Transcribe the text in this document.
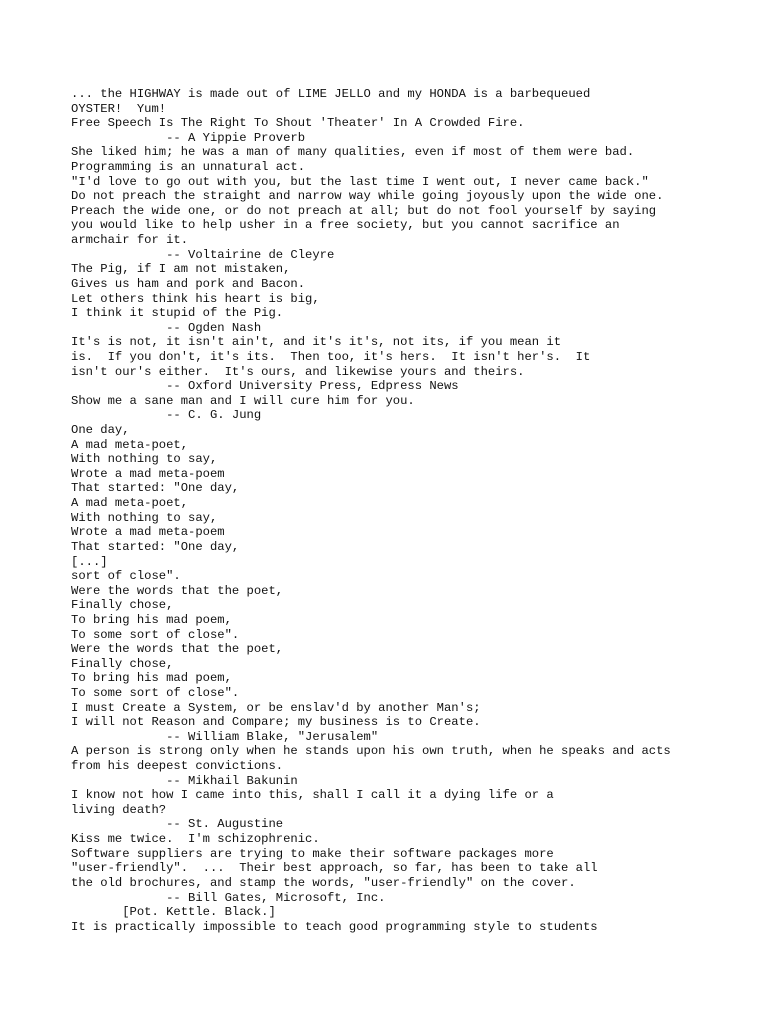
... the HIGHWAY is made out of LIME JELLO and my HONDA is a barbequeued
OYSTER!  Yum!
Free Speech Is The Right To Shout 'Theater' In A Crowded Fire.
-- A Yippie Proverb
She liked him; he was a man of many qualities, even if most of them were bad.
Programming is an unnatural act.
"I'd love to go out with you, but the last time I went out, I never came back."
Do not preach the straight and narrow way while going joyously upon the wide one.
Preach the wide one, or do not preach at all; but do not fool yourself by saying
you would like to help usher in a free society, but you cannot sacrifice an
armchair for it.
-- Voltairine de Cleyre
The Pig, if I am not mistaken,
Gives us ham and pork and Bacon.
Let others think his heart is big,
I think it stupid of the Pig.
-- Ogden Nash
It's is not, it isn't ain't, and it's it's, not its, if you mean it
is.  If you don't, it's its.  Then too, it's hers.  It isn't her's.  It
isn't our's either.  It's ours, and likewise yours and theirs.
-- Oxford University Press, Edpress News
Show me a sane man and I will cure him for you.
-- C. G. Jung
One day,
A mad meta-poet,
With nothing to say,
Wrote a mad meta-poem
That started: "One day,
A mad meta-poet,
With nothing to say,
Wrote a mad meta-poem
That started: "One day,
[...]
sort of close".
Were the words that the poet,
Finally chose,
To bring his mad poem,
To some sort of close".
Were the words that the poet,
Finally chose,
To bring his mad poem,
To some sort of close".
I must Create a System, or be enslav'd by another Man's;
I will not Reason and Compare; my business is to Create.
-- William Blake, "Jerusalem"
A person is strong only when he stands upon his own truth, when he speaks and acts
from his deepest convictions.
-- Mikhail Bakunin
I know not how I came into this, shall I call it a dying life or a
living death?
-- St. Augustine
Kiss me twice.  I'm schizophrenic.
Software suppliers are trying to make their software packages more
"user-friendly".  ...  Their best approach, so far, has been to take all
the old brochures, and stamp the words, "user-friendly" on the cover.
-- Bill Gates, Microsoft, Inc.
[Pot. Kettle. Black.]
It is practically impossible to teach good programming style to students
